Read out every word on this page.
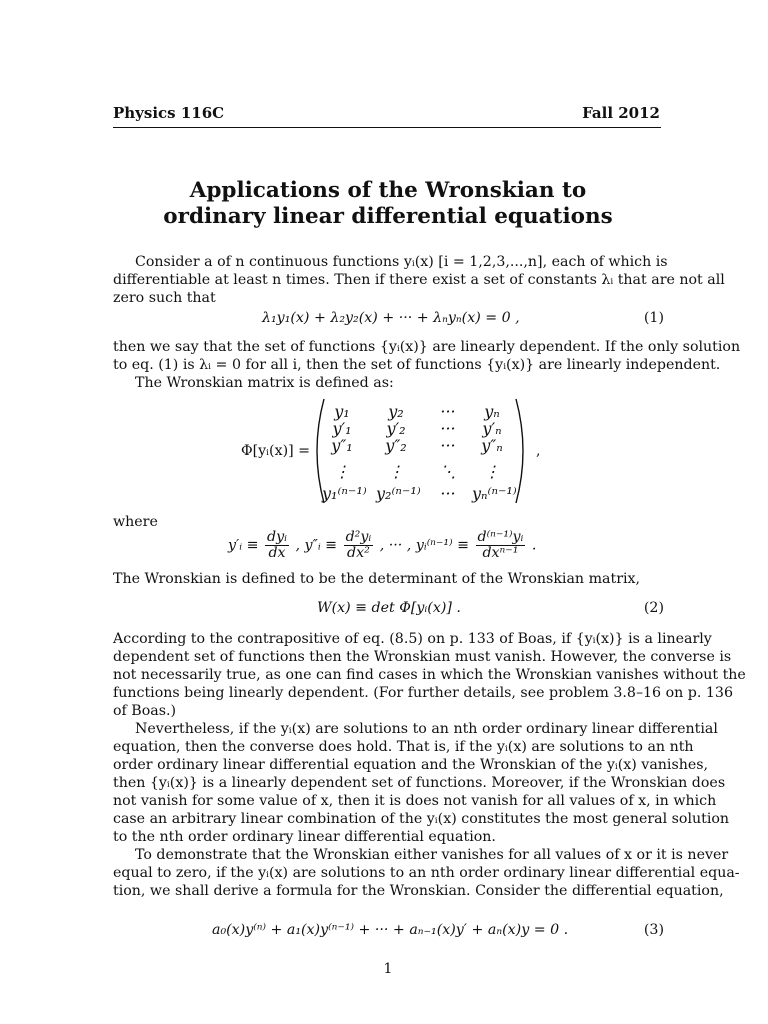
Physics 116C	Fall 2012
Applications of the Wronskian to
ordinary linear differential equations
Consider a of n continuous functions yᵢ(x) [i = 1,2,3,...,n], each of which is
differentiable at least n times. Then if there exist a set of constants λᵢ that are not all
zero such that
λ₁y₁(x) + λ₂y₂(x) + ··· + λₙyₙ(x) = 0 ,	(1)
then we say that the set of functions {yᵢ(x)} are linearly dependent. If the only solution
to eq. (1) is λᵢ = 0 for all i, then the set of functions {yᵢ(x)} are linearly independent.
The Wronskian matrix is defined as:
Φ[yᵢ(x)] =
y₁	y₂	···	yₙ
y′₁	y′₂	···	y′ₙ
y″₁	y″₂	···	y″ₙ
⋮	⋮	⋱	⋮
y₁⁽ⁿ⁻¹⁾ y₂⁽ⁿ⁻¹⁾	···	yₙ⁽ⁿ⁻¹⁾
,
where
y′ᵢ ≡ $\frac{\text{dyᵢ}}{dx}$ , y″ᵢ ≡ $\frac{\text{d²yᵢ}}{\text{dx²}}$ , ··· , yᵢ⁽ⁿ⁻¹⁾ ≡ $\frac{\text{d⁽ⁿ⁻¹⁾yᵢ}}{\text{dxⁿ⁻¹}}$ .
The Wronskian is defined to be the determinant of the Wronskian matrix,
W(x) ≡ det Φ[yᵢ(x)] .	(2)
According to the contrapositive of eq. (8.5) on p. 133 of Boas, if {yᵢ(x)} is a linearly
dependent set of functions then the Wronskian must vanish. However, the converse is
not necessarily true, as one can find cases in which the Wronskian vanishes without the
functions being linearly dependent. (For further details, see problem 3.8–16 on p. 136
of Boas.)
Nevertheless, if the yᵢ(x) are solutions to an nth order ordinary linear differential
equation, then the converse does hold. That is, if the yᵢ(x) are solutions to an nth
order ordinary linear differential equation and the Wronskian of the yᵢ(x) vanishes,
then {yᵢ(x)} is a linearly dependent set of functions. Moreover, if the Wronskian does
not vanish for some value of x, then it is does not vanish for all values of x, in which
case an arbitrary linear combination of the yᵢ(x) constitutes the most general solution
to the nth order ordinary linear differential equation.
To demonstrate that the Wronskian either vanishes for all values of x or it is never
equal to zero, if the yᵢ(x) are solutions to an nth order ordinary linear differential equa-
tion, we shall derive a formula for the Wronskian. Consider the differential equation,
a₀(x)y⁽ⁿ⁾ + a₁(x)y⁽ⁿ⁻¹⁾ + ··· + aₙ₋₁(x)y′ + aₙ(x)y = 0 .	(3)
1
